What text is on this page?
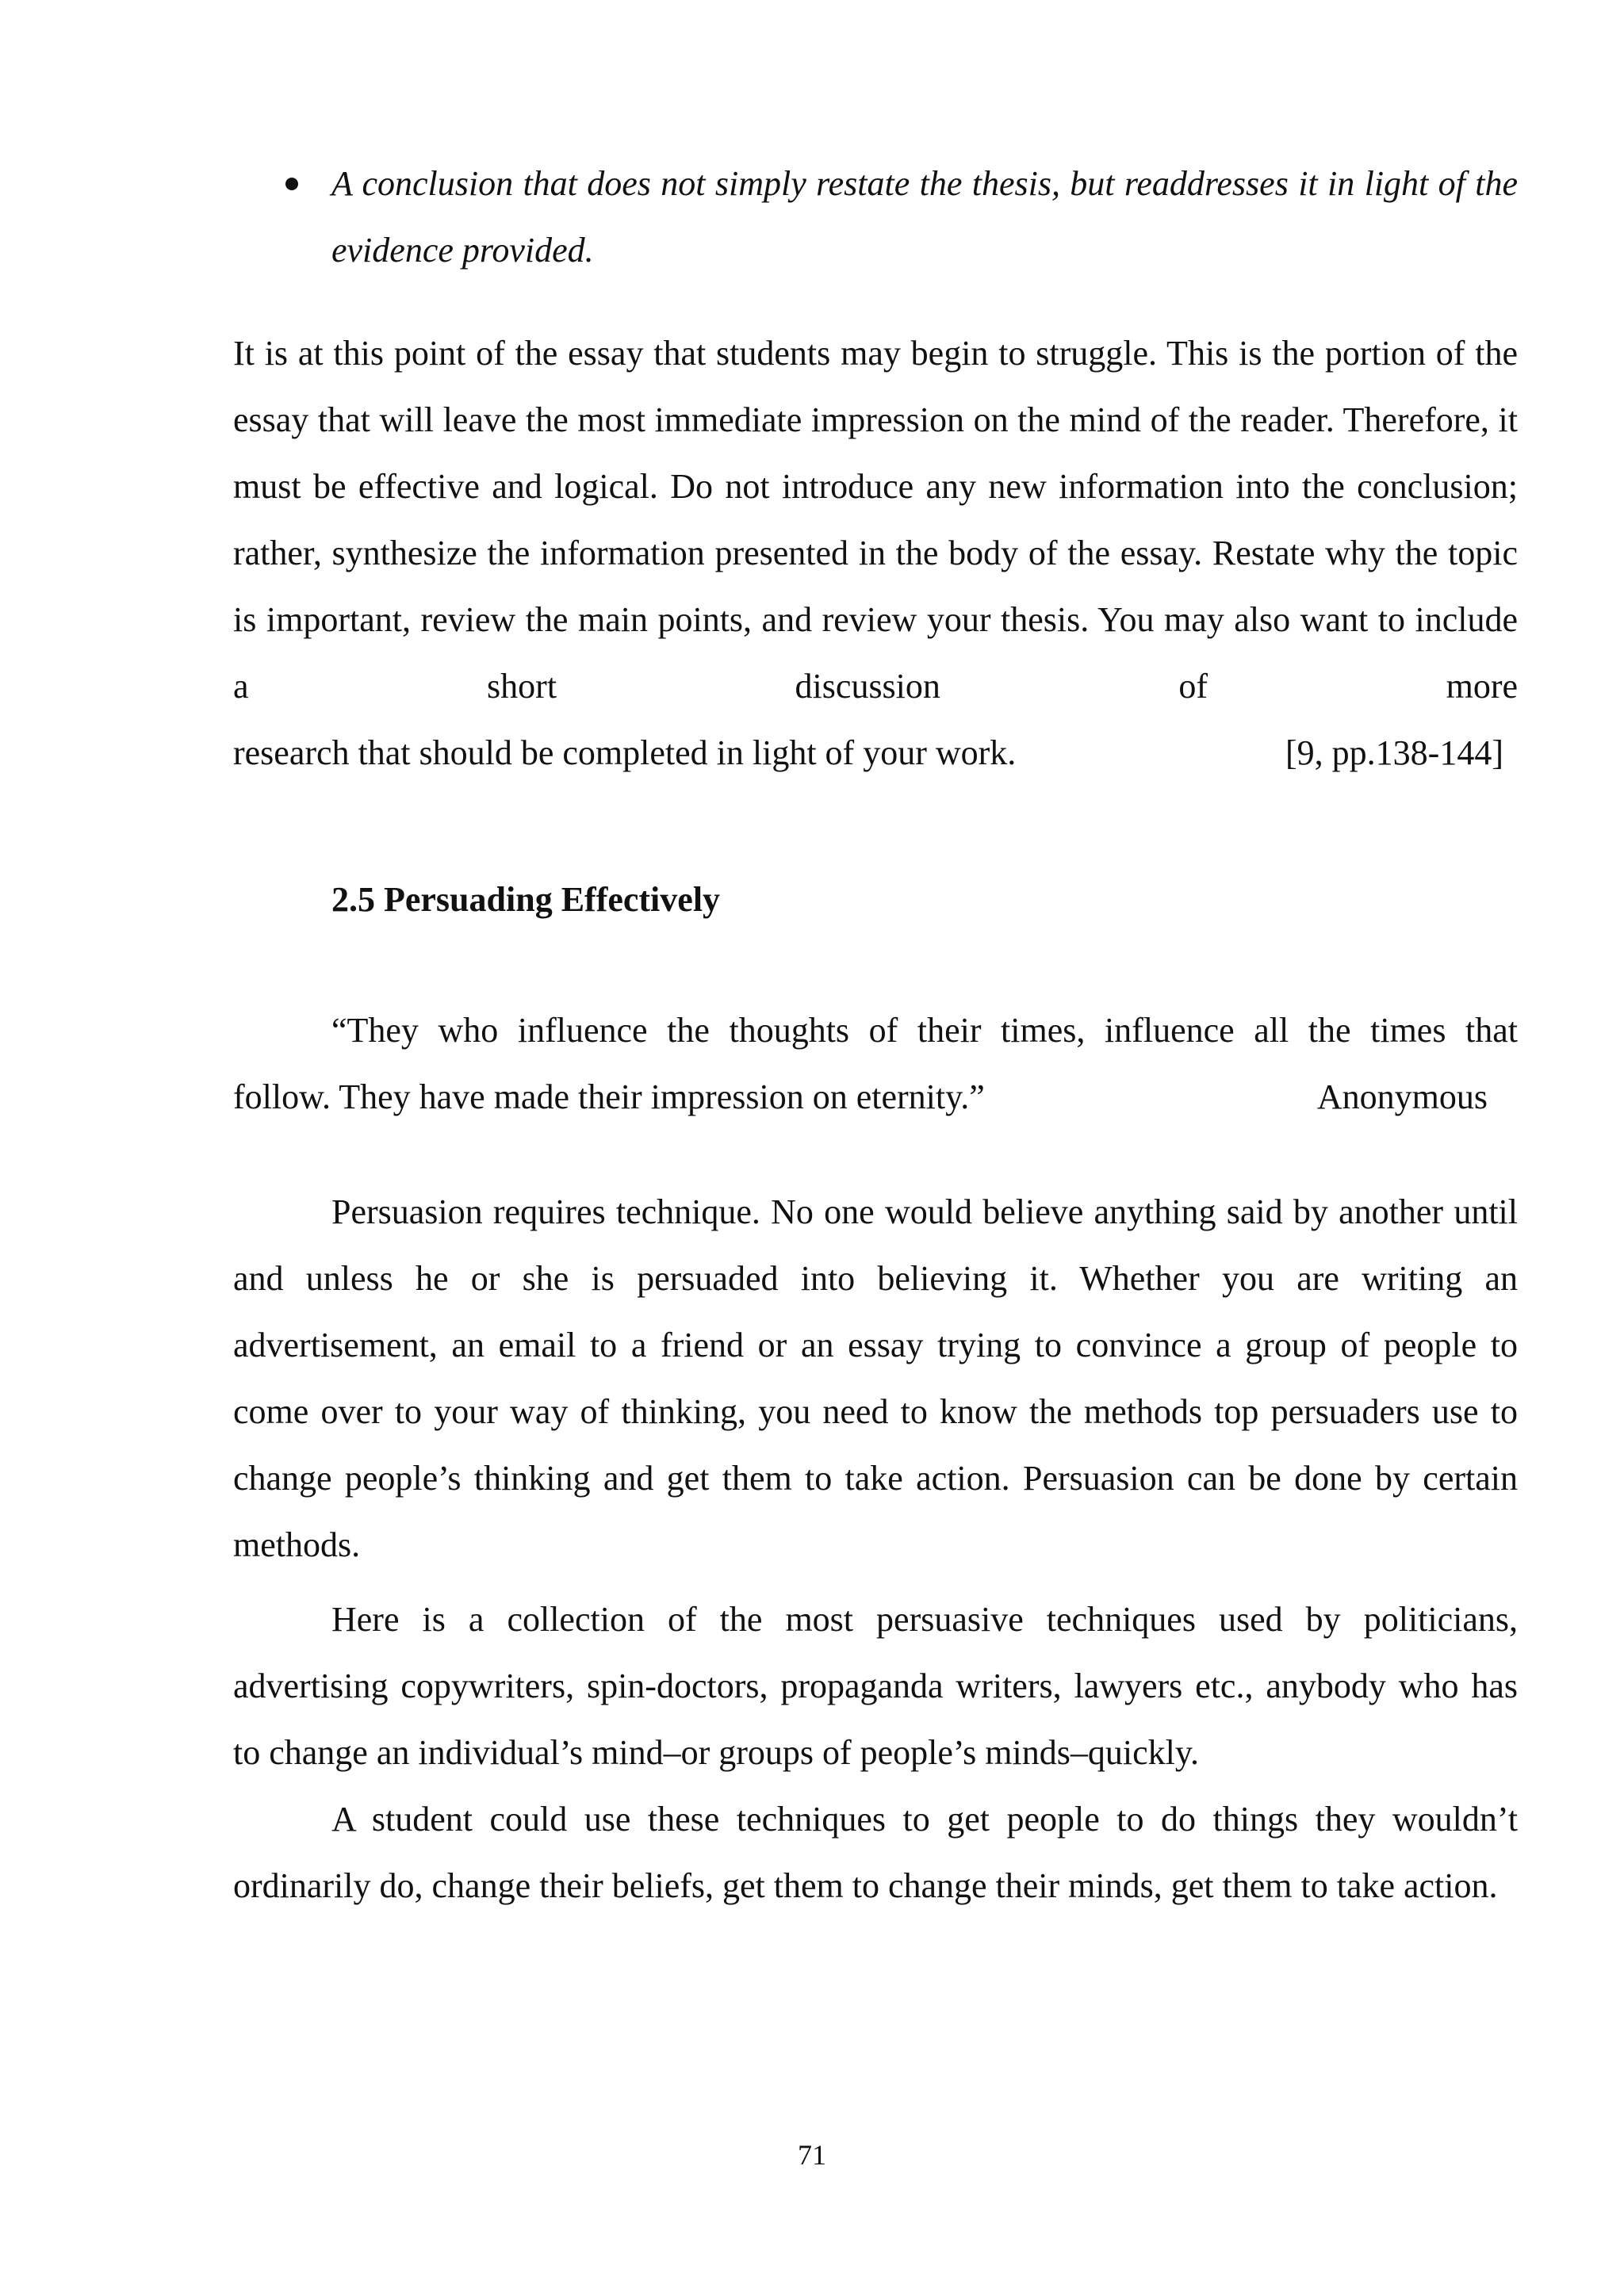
A conclusion that does not simply restate the thesis, but readdresses it in light of the evidence provided.

It is at this point of the essay that students may begin to struggle. This is the portion of the essay that will leave the most immediate impression on the mind of the reader. Therefore, it must be effective and logical. Do not introduce any new information into the conclusion; rather, synthesize the information presented in the body of the essay. Restate why the topic is important, review the main points, and review your thesis. You may also want to include a short discussion of more
research that should be completed in light of your work.	[9, pp.138-144]
2.5 Persuading Effectively
“They who influence the thoughts of their times, influence all the times that
follow. They have made their impression on eternity.”	Anonymous

Persuasion requires technique. No one would believe anything said by another until and unless he or she is persuaded into believing it. Whether you are writing an advertisement, an email to a friend or an essay trying to convince a group of people to come over to your way of thinking, you need to know the methods top persuaders use to change people’s thinking and get them to take action. Persuasion can be done by certain methods.

Here is a collection of the most persuasive techniques used by politicians, advertising copywriters, spin-doctors, propaganda writers, lawyers etc., anybody who has to change an individual’s mind–or groups of people’s minds–quickly.

A student could use these techniques to get people to do things they wouldn’t ordinarily do, change their beliefs, get them to change their minds, get them to take action.

71
